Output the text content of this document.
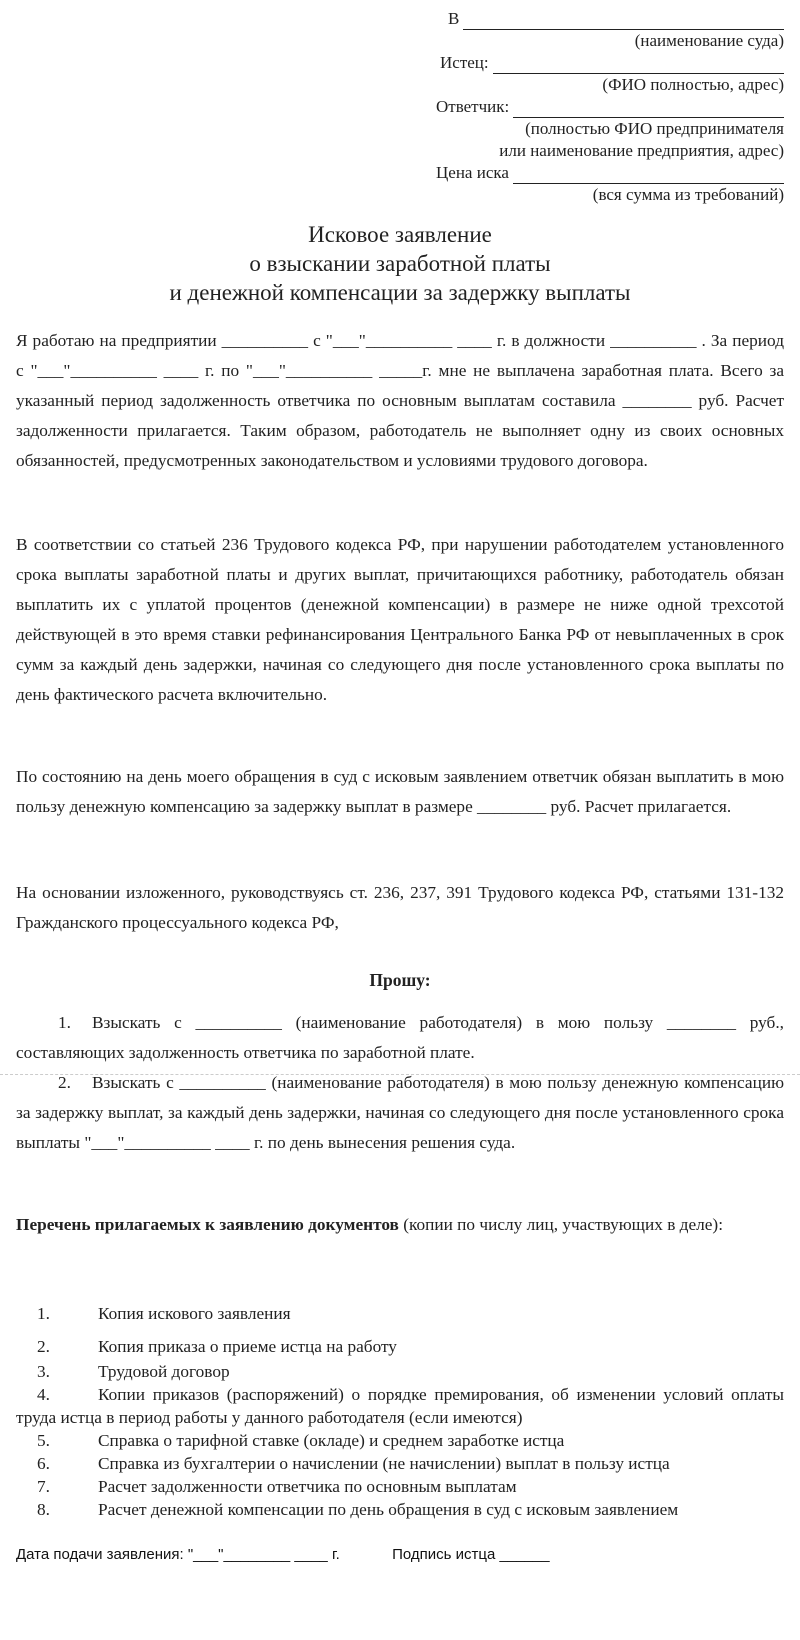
В
(наименование суда)
Истец:
(ФИО полностью, адрес)
Ответчик:
(полностью ФИО предпринимателя
или наименование предприятия, адрес)
Цена иска
(вся сумма из требований)
Исковое заявление
о взыскании заработной платы
и денежной компенсации за задержку выплаты
Я работаю на предприятии __________ с "___"__________ ____ г. в должности __________ . За период с "___"__________ ____ г. по "___"__________ _____г. мне не выплачена заработная плата. Всего за указанный период задолженность ответчика по основным выплатам составила ________ руб. Расчет задолженности прилагается. Таким образом, работодатель не выполняет одну из своих основных обязанностей, предусмотренных законодательством и условиями трудового договора.
В соответствии со статьей 236 Трудового кодекса РФ, при нарушении работодателем установленного срока выплаты заработной платы и других выплат, причитающихся работнику, работодатель обязан выплатить их с уплатой процентов (денежной компенсации) в размере не ниже одной трехсотой действующей в это время ставки рефинансирования Центрального Банка РФ от невыплаченных в срок сумм за каждый день задержки, начиная со следующего дня после установленного срока выплаты по день фактического расчета включительно.
По состоянию на день моего обращения в суд с исковым заявлением ответчик обязан выплатить в мою пользу денежную компенсацию за задержку выплат в размере ________ руб. Расчет прилагается.
На основании изложенного, руководствуясь ст. 236, 237, 391 Трудового кодекса РФ, статьями 131-132 Гражданского процессуального кодекса РФ,
Прошу:
1. Взыскать с __________ (наименование работодателя) в мою пользу ________ руб., составляющих задолженность ответчика по заработной плате.
2. Взыскать с __________ (наименование работодателя) в мою пользу денежную компенсацию за задержку выплат, за каждый день задержки, начиная со следующего дня после установленного срока выплаты "___"__________ ____ г. по день вынесения решения суда.
Перечень прилагаемых к заявлению документов (копии по числу лиц, участвующих в деле):
1.	Копия искового заявления
2.	Копия приказа о приеме истца на работу
3.	Трудовой договор
4.	Копии приказов (распоряжений) о порядке премирования, об изменении условий оплаты труда истца в период работы у данного работодателя (если имеются)
5.	Справка о тарифной ставке (окладе) и среднем заработке истца
6.	Справка из бухгалтерии о начислении (не начислении) выплат в пользу истца
7.	Расчет задолженности ответчика по основным выплатам
8.	Расчет денежной компенсации по день обращения в суд с исковым заявлением
Дата подачи заявления: "___"________ ____ г.	Подпись истца ______
